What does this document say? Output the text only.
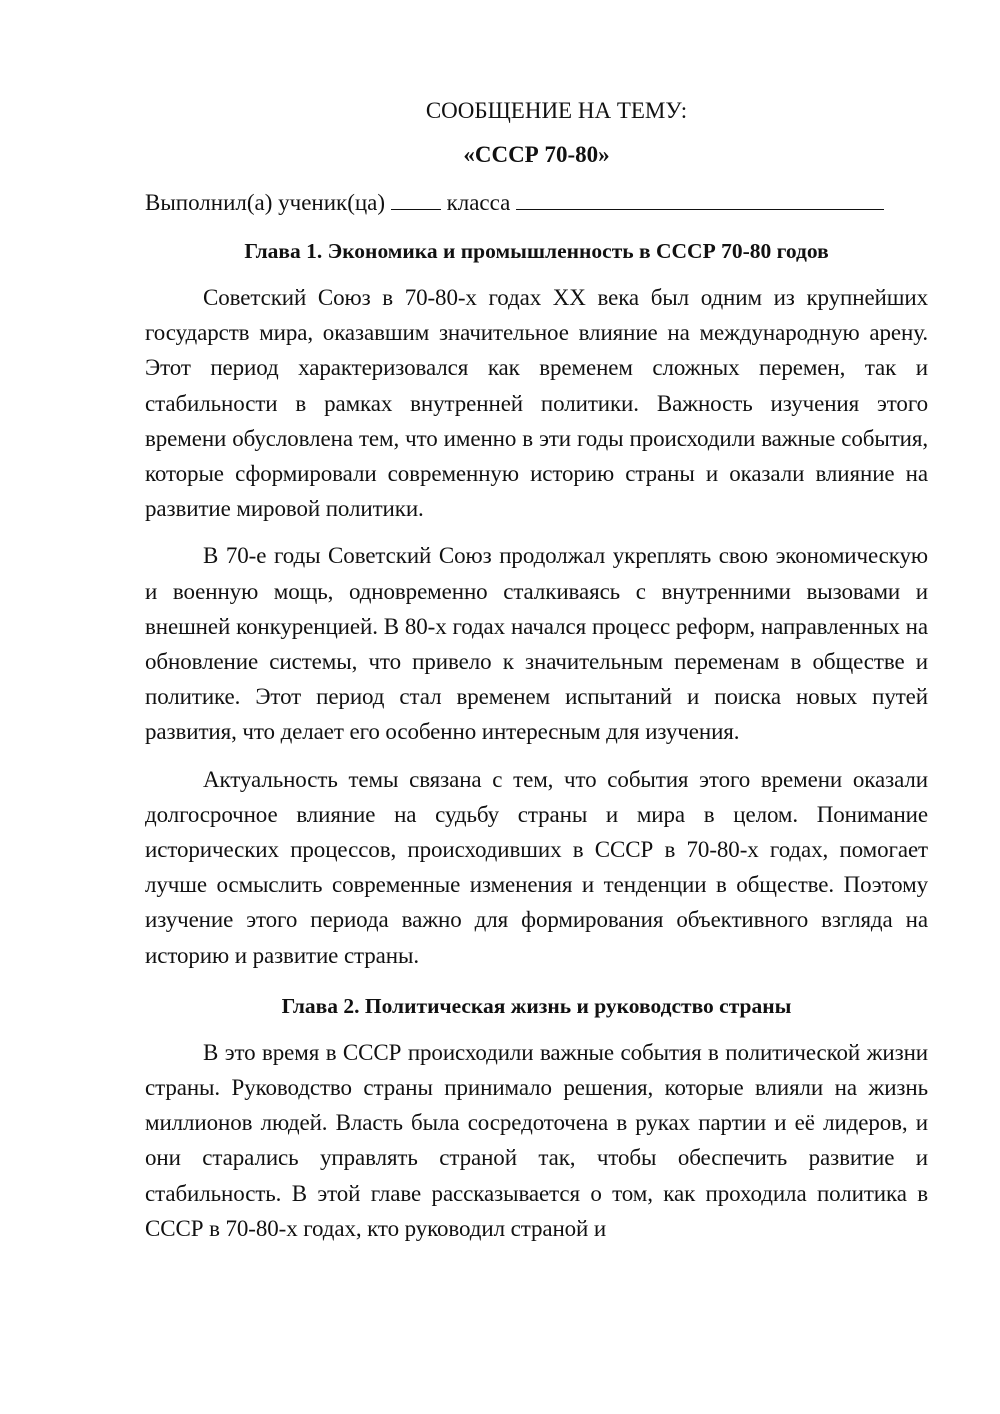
СООБЩЕНИЕ НА ТЕМУ:

«СССР 70-80»

Выполнил(а) ученик(ца)	класса
Глава 1. Экономика и промышленность в СССР 70-80 годов

Советский Союз в 70-80-х годах XX века был одним из крупнейших государств мира, оказавшим значительное влияние на международную арену. Этот период характеризовался как временем сложных перемен, так и стабильности в рамках внутренней политики. Важность изучения этого времени обусловлена тем, что именно в эти годы происходили важные события, которые сформировали современную историю страны и оказали влияние на развитие мировой политики.

В 70-е годы Советский Союз продолжал укреплять свою экономическую и военную мощь, одновременно сталкиваясь с внутренними вызовами и внешней конкуренцией. В 80-х годах начался процесс реформ, направленных на обновление системы, что привело к значительным переменам в обществе и политике. Этот период стал временем испытаний и поиска новых путей развития, что делает его особенно интересным для изучения.

Актуальность темы связана с тем, что события этого времени оказали долгосрочное влияние на судьбу страны и мира в целом. Понимание исторических процессов, происходивших в СССР в 70-80-х годах, помогает лучше осмыслить современные изменения и тенденции в обществе. Поэтому изучение этого периода важно для формирования объективного взгляда на историю и развитие страны.

Глава 2. Политическая жизнь и руководство страны

В это время в СССР происходили важные события в политической жизни страны. Руководство страны принимало решения, которые влияли на жизнь миллионов людей. Власть была сосредоточена в руках партии и её лидеров, и они старались управлять страной так, чтобы обеспечить развитие и стабильность. В этой главе рассказывается о том, как проходила политика в СССР в 70-80-х годах, кто руководил страной и
